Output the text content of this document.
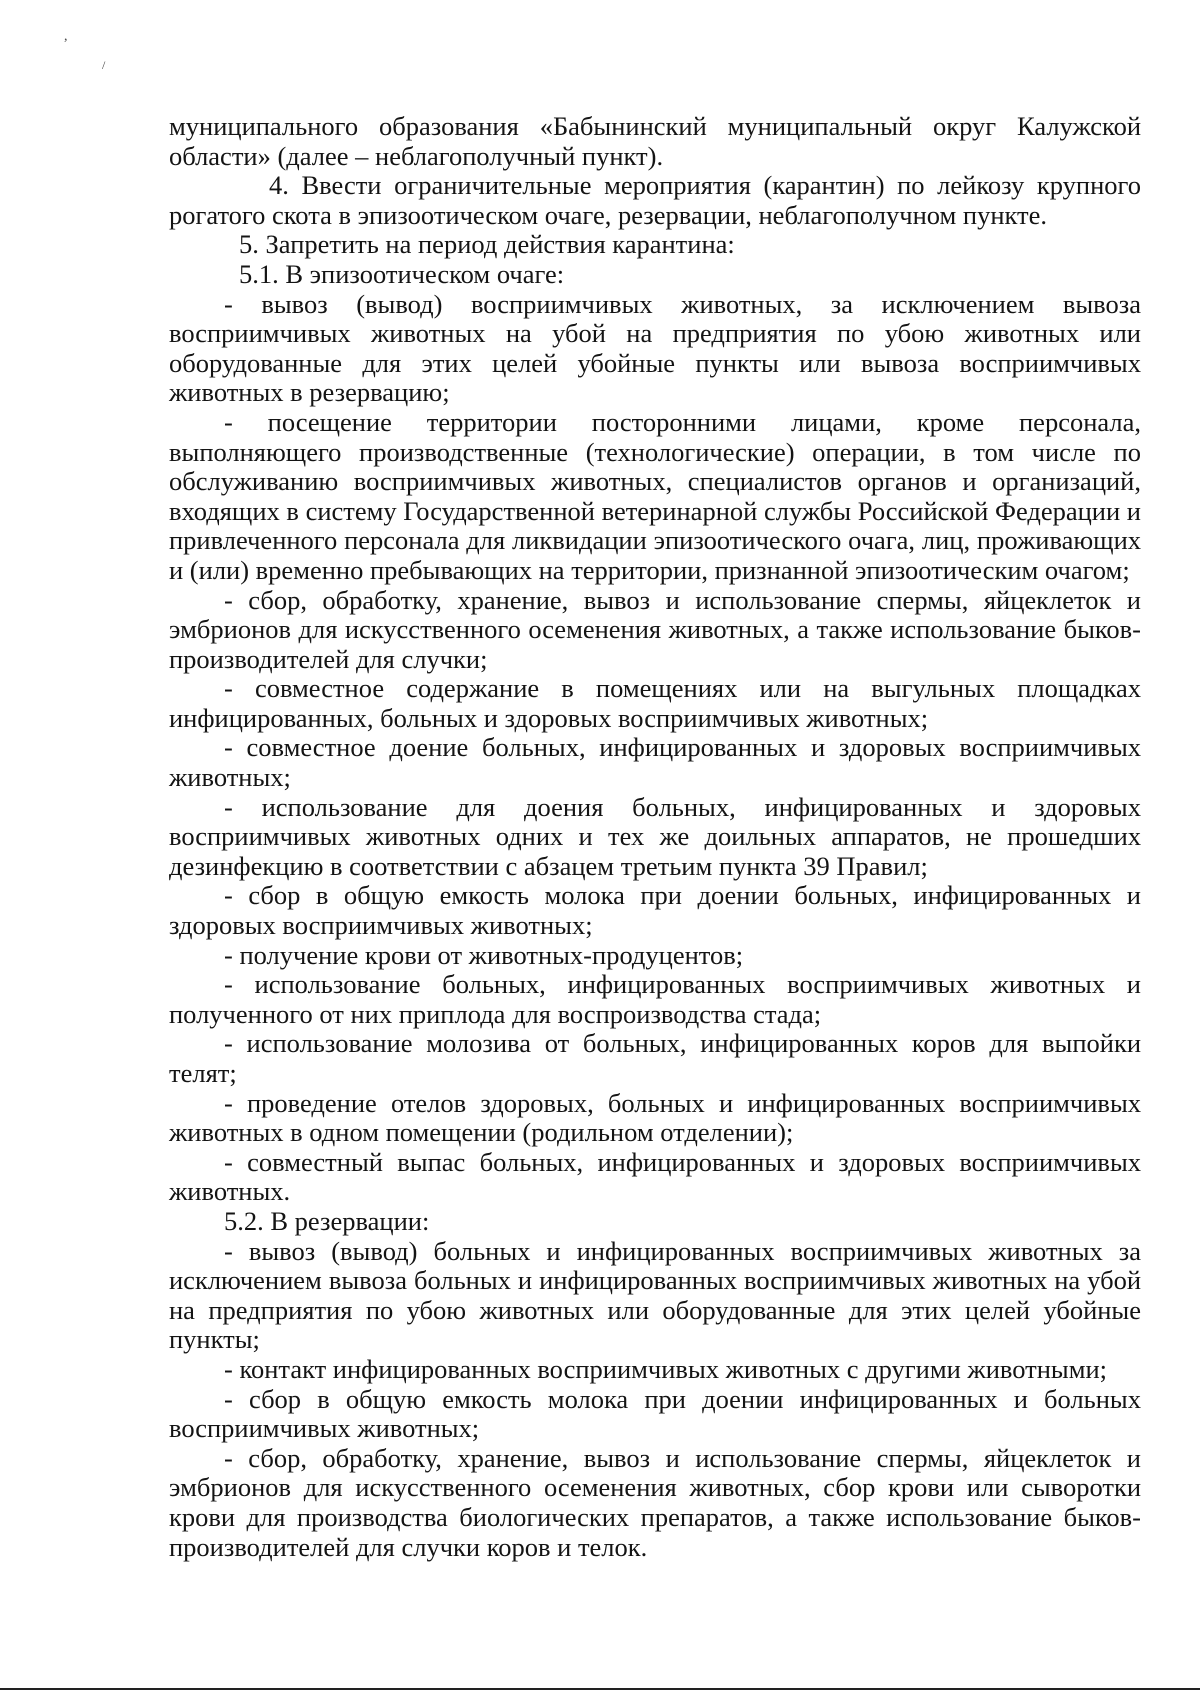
,
/

муниципального образования «Бабынинский муниципальный округ Калужской области» (далее – неблагополучный пункт).

4. Ввести ограничительные мероприятия (карантин) по лейкозу крупного рогатого скота в эпизоотическом очаге, резервации, неблагополучном пункте.

5. Запретить на период действия карантина:

5.1. В эпизоотическом очаге:

- вывоз (вывод) восприимчивых животных, за исключением вывоза восприимчивых животных на убой на предприятия по убою животных или оборудованные для этих целей убойные пункты или вывоза восприимчивых животных в резервацию;

- посещение территории посторонними лицами, кроме персонала, выполняющего производственные (технологические) операции, в том числе по обслуживанию восприимчивых животных, специалистов органов и организаций, входящих в систему Государственной ветеринарной службы Российской Федерации и привлеченного персонала для ликвидации эпизоотического очага, лиц, проживающих и (или) временно пребывающих на территории, признанной эпизоотическим очагом;

- сбор, обработку, хранение, вывоз и использование спермы, яйцеклеток и эмбрионов для искусственного осеменения животных, а также использование быков-производителей для случки;

- совместное содержание в помещениях или на выгульных площадках инфицированных, больных и здоровых восприимчивых животных;

- совместное доение больных, инфицированных и здоровых восприимчивых животных;

- использование для доения больных, инфицированных и здоровых восприимчивых животных одних и тех же доильных аппаратов, не прошедших дезинфекцию в соответствии с абзацем третьим пункта 39 Правил;

- сбор в общую емкость молока при доении больных, инфицированных и здоровых восприимчивых животных;

- получение крови от животных-продуцентов;

- использование больных, инфицированных восприимчивых животных и полученного от них приплода для воспроизводства стада;

- использование молозива от больных, инфицированных коров для выпойки телят;

- проведение отелов здоровых, больных и инфицированных восприимчивых животных в одном помещении (родильном отделении);

- совместный выпас больных, инфицированных и здоровых восприимчивых животных.

5.2. В резервации:

- вывоз (вывод) больных и инфицированных восприимчивых животных за исключением вывоза больных и инфицированных восприимчивых животных на убой на предприятия по убою животных или оборудованные для этих целей убойные пункты;

- контакт инфицированных восприимчивых животных с другими животными;

- сбор в общую емкость молока при доении инфицированных и больных восприимчивых животных;

- сбор, обработку, хранение, вывоз и использование спермы, яйцеклеток и эмбрионов для искусственного осеменения животных, сбор крови или сыворотки крови для производства биологических препаратов, а также использование быков-производителей для случки коров и телок.
